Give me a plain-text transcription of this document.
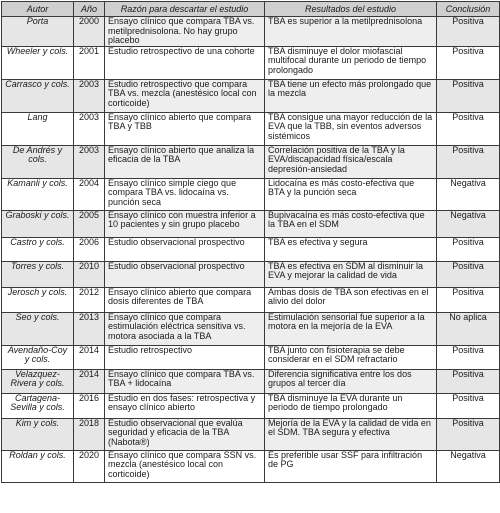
Autor	Año	Razón para descartar el estudio	Resultados del estudio	Conclusión
Porta	2000	Ensayo clínico que compara TBA vs. metilprednisolona. No hay grupo placebo	TBA es superior a la metilprednisolona	Positiva
Wheeler y cols.	2001	Estudio retrospectivo de una cohorte	TBA disminuye el dolor miofascial multifocal durante un periodo de tiempo prolongado	Positiva
Carrasco y cols.	2003	Estudio retrospectivo que compara TBA vs. mezcla (anestésico local con corticoide)	TBA tiene un efecto más prolongado que la mezcla	Positiva
Lang	2003	Ensayo clínico abierto que compara TBA y TBB	TBA consigue una mayor reducción de la EVA que la TBB, sin eventos adversos sistémicos	Positiva
De Andrés y cols.	2003	Ensayo clínico abierto que analiza la eficacia de la TBA	Correlación positiva de la TBA y la EVA/discapacidad física/escala depresión-ansiedad	Positiva
Kamanli y cols.	2004	Ensayo clínico simple ciego que compara TBA vs. lidocaína vs. punción seca	Lidocaína es más costo-efectiva que BTA y la punción seca	Negativa
Graboski y cols.	2005	Ensayo clínico con muestra inferior a 10 pacientes y sin grupo placebo	Bupivacaína es más costo-efectiva que la TBA en el SDM	Negativa
Castro y cols.	2006	Estudio observacional prospectivo	TBA es efectiva y segura	Positiva
Torres y cols.	2010	Estudio observacional prospectivo	TBA es efectiva en SDM al disminuir la EVA y mejorar la calidad de vida	Positiva
Jerosch y cols.	2012	Ensayo clínico abierto que compara dosis diferentes de TBA	Ambas dosis de TBA son efectivas en el alivio del dolor	Positiva
Seo y cols.	2013	Ensayo clínico que compara estimulación eléctrica sensitiva vs. motora asociada a la TBA	Estimulación sensorial fue superior a la motora en la mejoría de la EVA	No aplica
Avendaño-Coy y cols.	2014	Estudio retrospectivo	TBA junto con fisioterapia se debe considerar en el SDM refractario	Positiva
Velazquez-Rivera y cols.	2014	Ensayo clínico que compara TBA vs. TBA + lidocaína	Diferencia significativa entre los dos grupos al tercer día	Positiva
Cartagena-Sevilla y cols.	2016	Estudio en dos fases: retrospectiva y ensayo clínico abierto	TBA disminuye la EVA durante un periodo de tiempo prolongado	Positiva
Kim y cols.	2018	Estudio observacional que evalúa seguridad y eficacia de la TBA (Nabota®)	Mejoría de la EVA y la calidad de vida en el SDM. TBA segura y efectiva	Positiva
Roldan y cols.	2020	Ensayo clínico que compara SSN vs. mezcla (anestésico local con corticoide)	Es preferible usar SSF para infiltración de PG	Negativa
